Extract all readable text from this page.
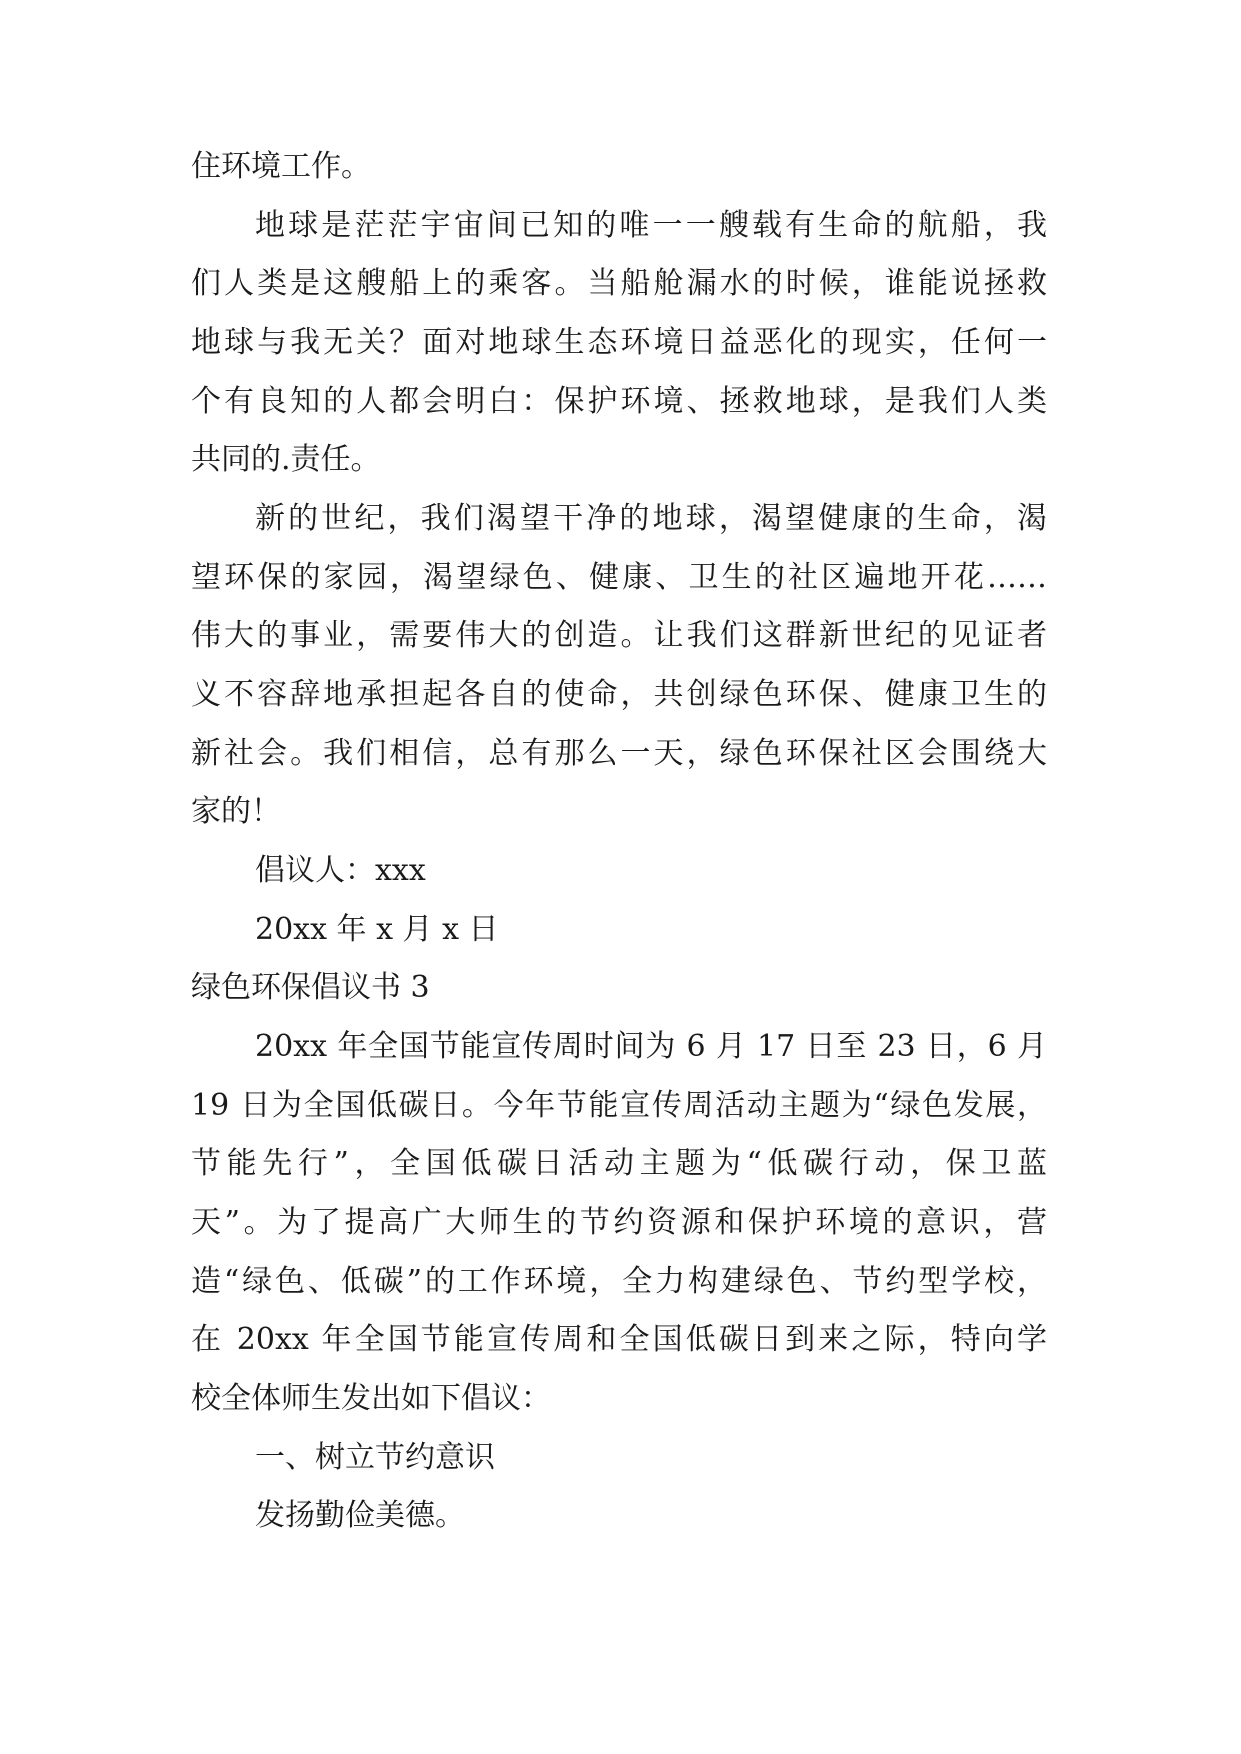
住环境工作。
地球是茫茫宇宙间已知的唯一一艘载有生命的航船，我
们人类是这艘船上的乘客。当船舱漏水的时候，谁能说拯救
地球与我无关？面对地球生态环境日益恶化的现实，任何一
个有良知的人都会明白：保护环境、拯救地球，是我们人类
共同的.责任。
新的世纪，我们渴望干净的地球，渴望健康的生命，渴
望环保的家园，渴望绿色、健康、卫生的社区遍地开花……
伟大的事业，需要伟大的创造。让我们这群新世纪的见证者
义不容辞地承担起各自的使命，共创绿色环保、健康卫生的
新社会。我们相信，总有那么一天，绿色环保社区会围绕大
家的！
倡议人：xxx
20xx 年 x 月 x 日
绿色环保倡议书 3
20xx 年全国节能宣传周时间为 6 月 17 日至 23 日，6 月
19 日为全国低碳日。今年节能宣传周活动主题为“绿色发展，
节能先行”，全国低碳日活动主题为“低碳行动，保卫蓝
天”。为了提高广大师生的节约资源和保护环境的意识，营
造“绿色、低碳”的工作环境，全力构建绿色、节约型学校，
在 20xx 年全国节能宣传周和全国低碳日到来之际，特向学
校全体师生发出如下倡议：
一、树立节约意识
发扬勤俭美德。
